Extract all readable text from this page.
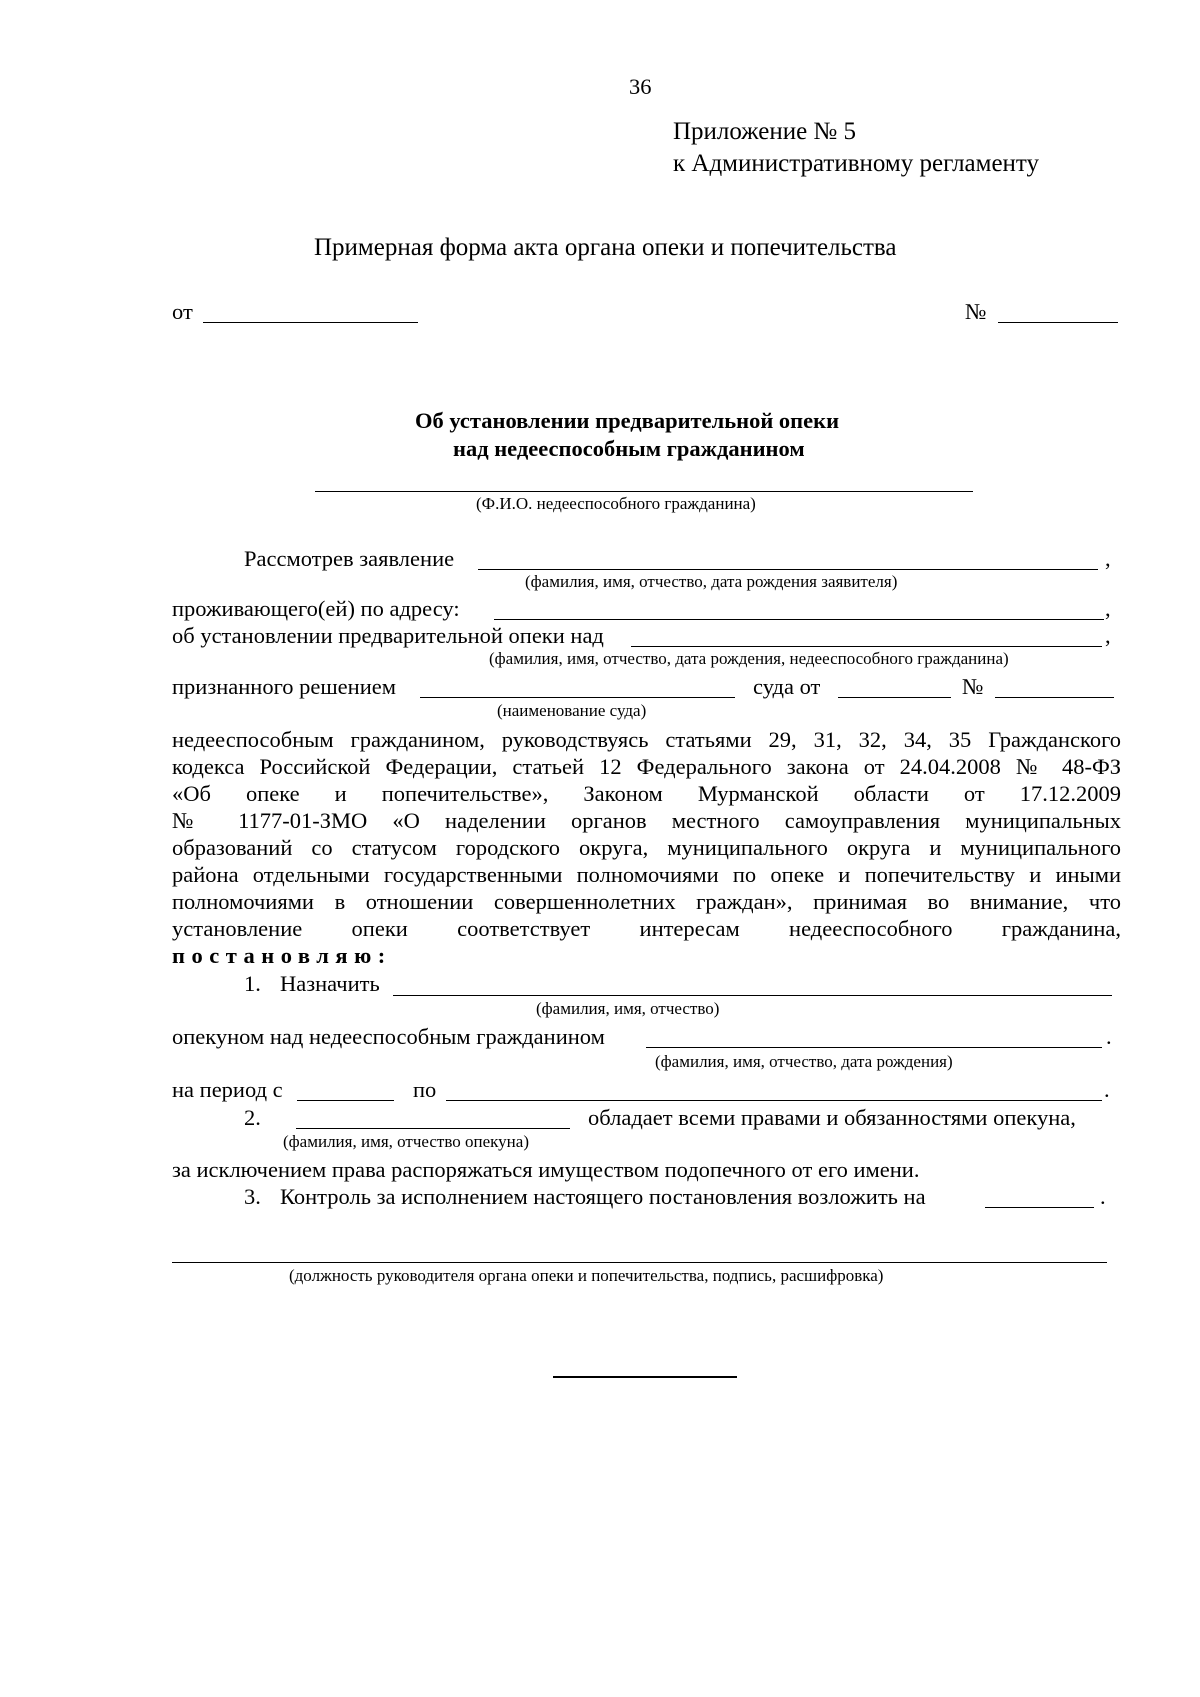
36
Приложение № 5
к Административному регламенту
Примерная форма акта органа опеки и попечительства
от	№
Об установлении предварительной опеки
над недееспособным гражданином
(Ф.И.О. недееспособного гражданина)
Рассмотрев заявление	,
(фамилия, имя, отчество, дата рождения заявителя)
проживающего(ей) по адресу:	,
об установлении предварительной опеки над	,
(фамилия, имя, отчество, дата рождения, недееспособного гражданина)
признанного решением	суда от	№
(наименование суда)
недееспособным гражданином, руководствуясь статьями 29, 31, 32, 34, 35 Гражданского
кодекса Российской Федерации, статьей 12 Федерального закона от 24.04.2008 № 48-ФЗ
«Об опеке и попечительстве», Законом Мурманской области от 17.12.2009
№ 1177-01-ЗМО «О наделении органов местного самоуправления муниципальных
образований со статусом городского округа, муниципального округа и муниципального
района отдельными государственными полномочиями по опеке и попечительству и иными
полномочиями в отношении совершеннолетних граждан», принимая во внимание, что
установление опеки соответствует интересам недееспособного гражданина,
постановляю:
1. Назначить
(фамилия, имя, отчество)
опекуном над недееспособным гражданином	.
(фамилия, имя, отчество, дата рождения)
на период с	по	.
2.	обладает всеми правами и обязанностями опекуна,
(фамилия, имя, отчество опекуна)
за исключением права распоряжаться имуществом подопечного от его имени.
3. Контроль за исполнением настоящего постановления возложить на	.
(должность руководителя органа опеки и попечительства, подпись, расшифровка)
